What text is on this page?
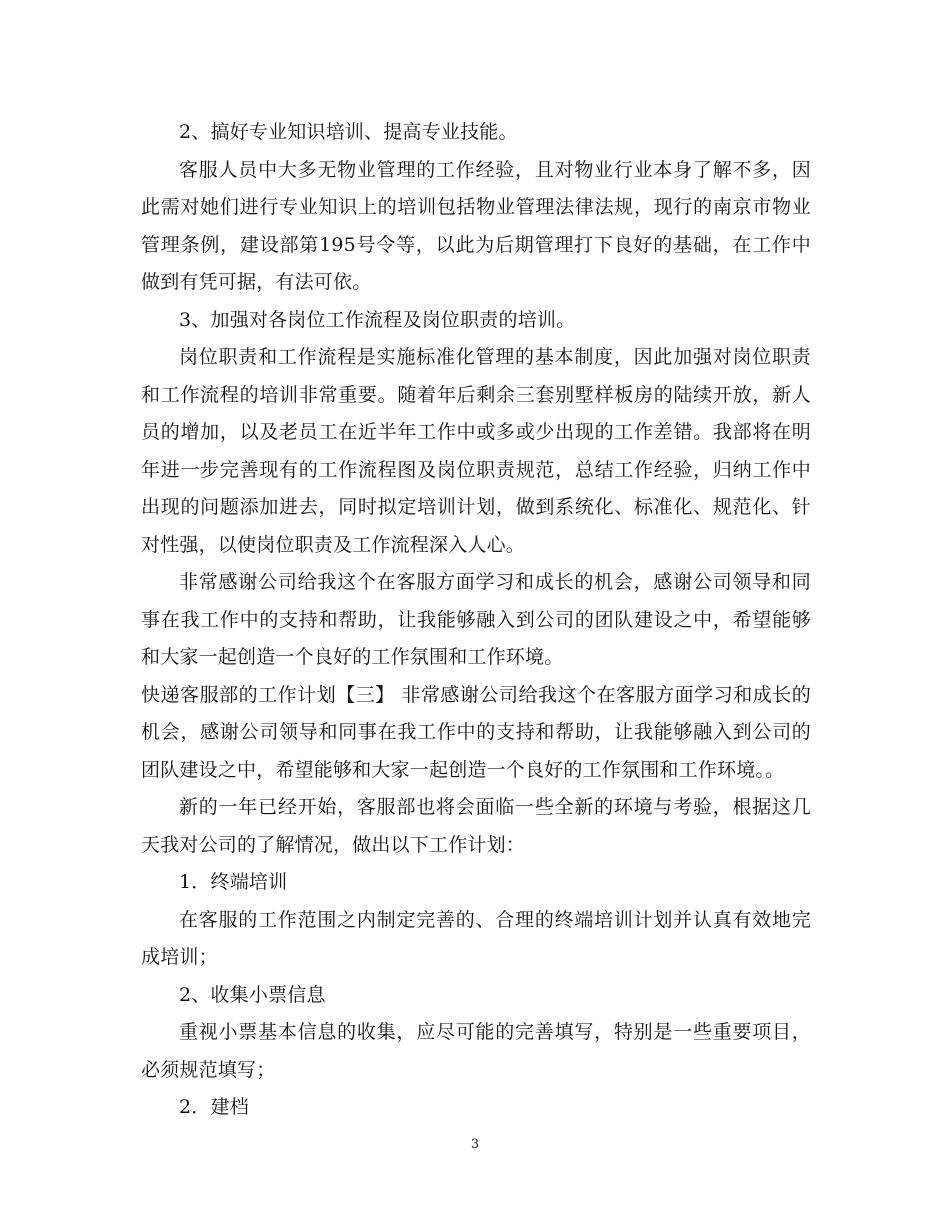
2、搞好专业知识培训、提高专业技能。

客服人员中大多无物业管理的工作经验，且对物业行业本身了解不多，因此需对她们进行专业知识上的培训包括物业管理法律法规，现行的南京市物业管理条例，建设部第195号令等，以此为后期管理打下良好的基础，在工作中做到有凭可据，有法可依。

3、加强对各岗位工作流程及岗位职责的培训。

岗位职责和工作流程是实施标准化管理的基本制度，因此加强对岗位职责和工作流程的培训非常重要。随着年后剩余三套别墅样板房的陆续开放，新人员的增加，以及老员工在近半年工作中或多或少出现的工作差错。我部将在明年进一步完善现有的工作流程图及岗位职责规范，总结工作经验，归纳工作中出现的问题添加进去，同时拟定培训计划，做到系统化、标准化、规范化、针对性强，以使岗位职责及工作流程深入人心。

非常感谢公司给我这个在客服方面学习和成长的机会，感谢公司领导和同事在我工作中的支持和帮助，让我能够融入到公司的团队建设之中，希望能够和大家一起创造一个良好的工作氛围和工作环境。

快递客服部的工作计划【三】 非常感谢公司给我这个在客服方面学习和成长的机会，感谢公司领导和同事在我工作中的支持和帮助，让我能够融入到公司的团队建设之中，希望能够和大家一起创造一个良好的工作氛围和工作环境。。

新的一年已经开始，客服部也将会面临一些全新的环境与考验，根据这几天我对公司的了解情况，做出以下工作计划：

1．终端培训

在客服的工作范围之内制定完善的、合理的终端培训计划并认真有效地完成培训；

2、收集小票信息

重视小票基本信息的收集，应尽可能的完善填写，特别是一些重要项目，必须规范填写；

2．建档

3
